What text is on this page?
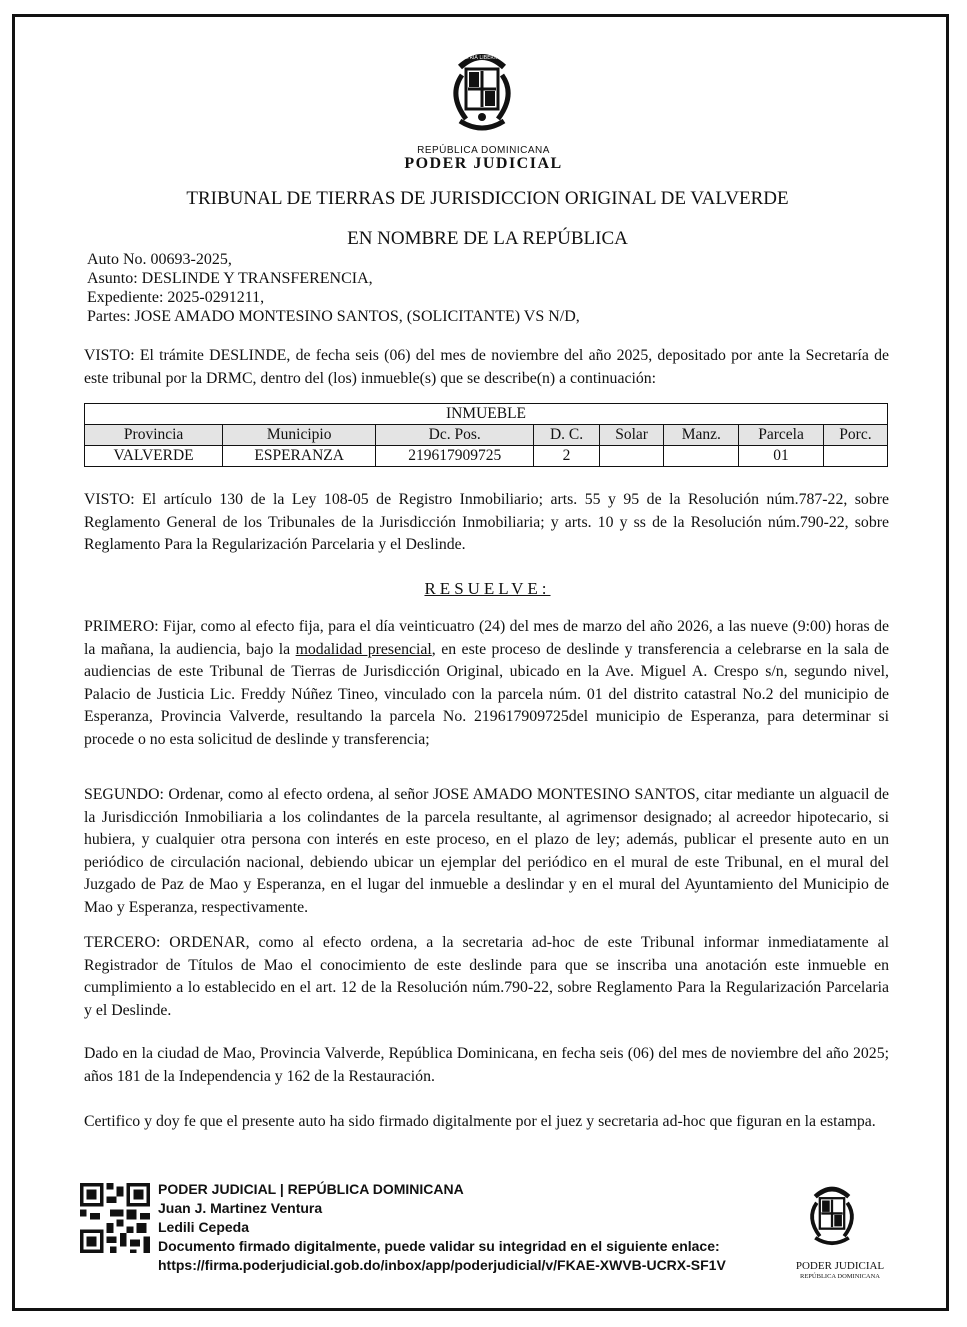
PATRIA LIBERTAD
REPÚBLICA DOMINICANA
PODER JUDICIAL
TRIBUNAL DE TIERRAS DE JURISDICCION ORIGINAL DE VALVERDE
EN NOMBRE DE LA REPÚBLICA
Auto No. 00693-2025,
Asunto: DESLINDE Y TRANSFERENCIA,
Expediente: 2025-0291211,
Partes: JOSE AMADO MONTESINO SANTOS, (SOLICITANTE) VS N/D,
VISTO: El trámite DESLINDE, de fecha seis (06) del mes de noviembre del año 2025, depositado por ante la Secretaría de este tribunal por la DRMC, dentro del (los) inmueble(s) que se describe(n) a continuación:
INMUEBLE							
Provincia	Municipio	Dc. Pos.	D. C.	Solar	Manz.	Parcela	Porc.
VALVERDE	ESPERANZA	219617909725	2			01	
VISTO: El artículo 130 de la Ley 108-05 de Registro Inmobiliario; arts. 55 y 95 de la Resolución núm.787-22, sobre Reglamento General de los Tribunales de la Jurisdicción Inmobiliaria; y arts. 10 y ss de la Resolución núm.790-22, sobre Reglamento Para la Regularización Parcelaria y el Deslinde.
RESUELVE:
PRIMERO: Fijar, como al efecto fija, para el día veinticuatro (24) del mes de marzo del año 2026, a las nueve (9:00) horas de la mañana, la audiencia, bajo la modalidad presencial, en este proceso de deslinde y transferencia a celebrarse en la sala de audiencias de este Tribunal de Tierras de Jurisdicción Original, ubicado en la Ave. Miguel A. Crespo s/n, segundo nivel, Palacio de Justicia Lic. Freddy Núñez Tineo, vinculado con la parcela núm. 01 del distrito catastral No.2 del municipio de Esperanza, Provincia Valverde, resultando la parcela No. 219617909725del municipio de Esperanza, para determinar si procede o no esta solicitud de deslinde y transferencia;
SEGUNDO: Ordenar, como al efecto ordena, al señor JOSE AMADO MONTESINO SANTOS, citar mediante un alguacil de la Jurisdicción Inmobiliaria a los colindantes de la parcela resultante, al agrimensor designado; al acreedor hipotecario, si hubiera, y cualquier otra persona con interés en este proceso, en el plazo de ley; además, publicar el presente auto en un periódico de circulación nacional, debiendo ubicar un ejemplar del periódico en el mural de este Tribunal, en el mural del Juzgado de Paz de Mao y Esperanza, en el lugar del inmueble a deslindar y en el mural del Ayuntamiento del Municipio de Mao y Esperanza, respectivamente.
TERCERO: ORDENAR, como al efecto ordena, a la secretaria ad-hoc de este Tribunal informar inmediatamente al Registrador de Títulos de Mao el conocimiento de este deslinde para que se inscriba una anotación este inmueble en cumplimiento a lo establecido en el art. 12 de la Resolución núm.790-22, sobre Reglamento Para la Regularización Parcelaria y el Deslinde.
Dado en la ciudad de Mao, Provincia Valverde, República Dominicana, en fecha seis (06) del mes de noviembre del año 2025; años 181 de la Independencia y 162 de la Restauración.
Certifico y doy fe que el presente auto ha sido firmado digitalmente por el juez y secretaria ad-hoc que figuran en la estampa.
PODER JUDICIAL | REPÚBLICA DOMINICANA
Juan J. Martinez Ventura
Ledili Cepeda
Documento firmado digitalmente, puede validar su integridad en el siguiente enlace:
https://firma.poderjudicial.gob.do/inbox/app/poderjudicial/v/FKAE-XWVB-UCRX-SF1V	PODER JUDICIAL
REPÚBLICA DOMINICANA
